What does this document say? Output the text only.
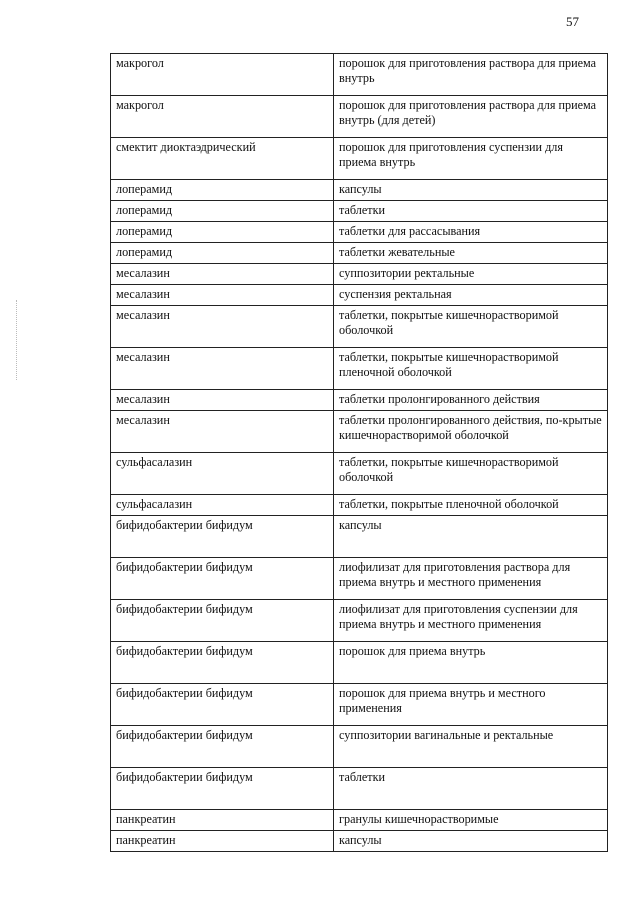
57
макрогол	порошок для приготовления раствора для приема внутрь
макрогол	порошок для приготовления раствора для приема внутрь (для детей)
смектит диоктаэдрический	порошок для приготовления суспензии для приема внутрь
лоперамид	капсулы
лоперамид	таблетки
лоперамид	таблетки для рассасывания
лоперамид	таблетки жевательные
месалазин	суппозитории ректальные
месалазин	суспензия ректальная
месалазин	таблетки, покрытые кишечнорастворимой оболочкой
месалазин	таблетки, покрытые кишечнорастворимой пленочной оболочкой
месалазин	таблетки пролонгированного действия
месалазин	таблетки пролонгированного действия, по-крытые кишечнорастворимой оболочкой
сульфасалазин	таблетки, покрытые кишечнорастворимой оболочкой
сульфасалазин	таблетки, покрытые пленочной оболочкой
бифидобактерии бифидум	капсулы
бифидобактерии бифидум	лиофилизат для приготовления раствора для приема внутрь и местного применения
бифидобактерии бифидум	лиофилизат для приготовления суспензии для приема внутрь и местного применения
бифидобактерии бифидум	порошок для приема внутрь
бифидобактерии бифидум	порошок для приема внутрь и местного применения
бифидобактерии бифидум	суппозитории вагинальные и ректальные
бифидобактерии бифидум	таблетки
панкреатин	гранулы кишечнорастворимые
панкреатин	капсулы
